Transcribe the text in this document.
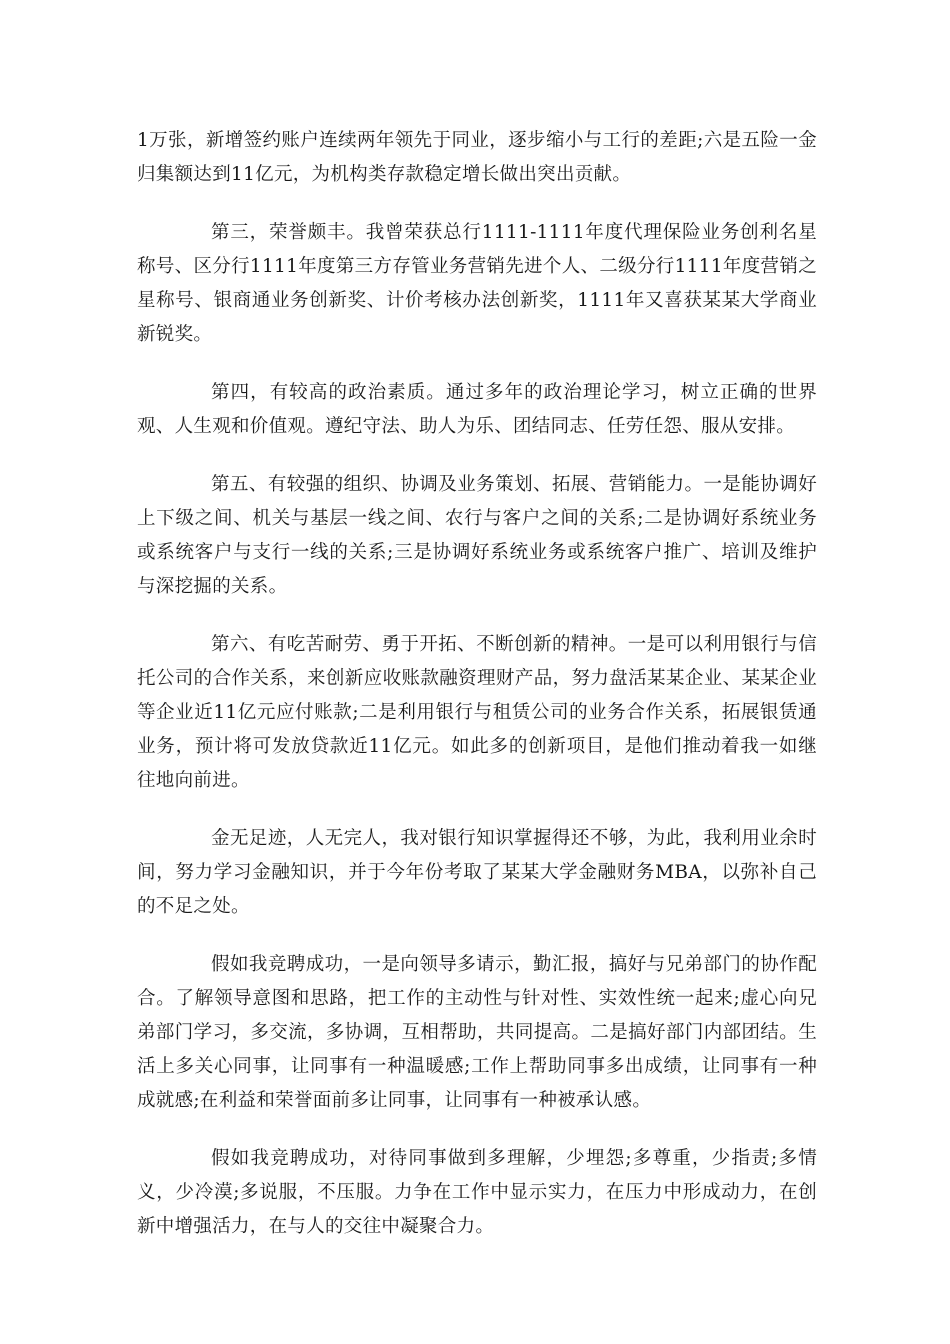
1万张，新增签约账户连续两年领先于同业，逐步缩小与工行的差距;六是五险一金归集额达到11亿元，为机构类存款稳定增长做出突出贡献。

第三，荣誉颇丰。我曾荣获总行1111-1111年度代理保险业务创利名星称号、区分行1111年度第三方存管业务营销先进个人、二级分行1111年度营销之星称号、银商通业务创新奖、计价考核办法创新奖，1111年又喜获某某大学商业新锐奖。

第四，有较高的政治素质。通过多年的政治理论学习，树立正确的世界观、人生观和价值观。遵纪守法、助人为乐、团结同志、任劳任怨、服从安排。

第五、有较强的组织、协调及业务策划、拓展、营销能力。一是能协调好上下级之间、机关与基层一线之间、农行与客户之间的关系;二是协调好系统业务或系统客户与支行一线的关系;三是协调好系统业务或系统客户推广、培训及维护与深挖掘的关系。

第六、有吃苦耐劳、勇于开拓、不断创新的精神。一是可以利用银行与信托公司的合作关系，来创新应收账款融资理财产品，努力盘活某某企业、某某企业等企业近11亿元应付账款;二是利用银行与租赁公司的业务合作关系，拓展银赁通业务，预计将可发放贷款近11亿元。如此多的创新项目，是他们推动着我一如继往地向前进。

金无足迹，人无完人，我对银行知识掌握得还不够，为此，我利用业余时间，努力学习金融知识，并于今年份考取了某某大学金融财务MBA，以弥补自己的不足之处。

假如我竞聘成功，一是向领导多请示，勤汇报，搞好与兄弟部门的协作配合。了解领导意图和思路，把工作的主动性与针对性、实效性统一起来;虚心向兄弟部门学习，多交流，多协调，互相帮助，共同提高。二是搞好部门内部团结。生活上多关心同事，让同事有一种温暖感;工作上帮助同事多出成绩，让同事有一种成就感;在利益和荣誉面前多让同事，让同事有一种被承认感。

假如我竞聘成功，对待同事做到多理解，少埋怨;多尊重，少指责;多情义，少冷漠;多说服，不压服。力争在工作中显示实力，在压力中形成动力，在创新中增强活力，在与人的交往中凝聚合力。
